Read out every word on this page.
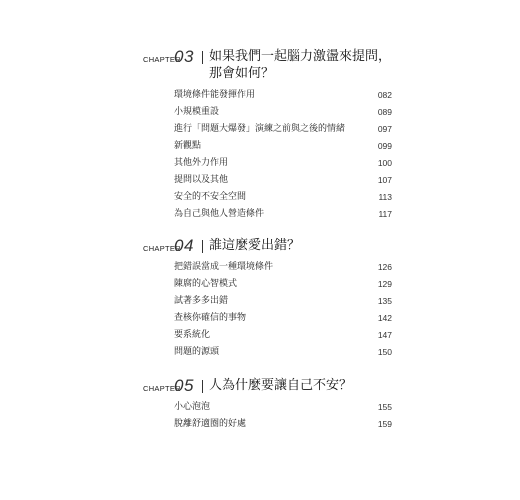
CHAPTER
03 如果我們一起腦力激盪來提問，
那會如何？
環境條件能發揮作用	082
小規模重設	089
進行「問題大爆發」演練之前與之後的情緒	097
新觀點	099
其他外力作用	100
提問以及其他	107
安全的不安全空間	113
為自己與他人營造條件	117
CHAPTER
04 誰這麼愛出錯？
把錯誤當成一種環境條件	126
陳腐的心智模式	129
試著多多出錯	135
查核你確信的事物	142
要系統化	147
問題的源頭	150
CHAPTER
05 人為什麼要讓自己不安？
小心泡泡	155
脫離舒適圈的好處	159
